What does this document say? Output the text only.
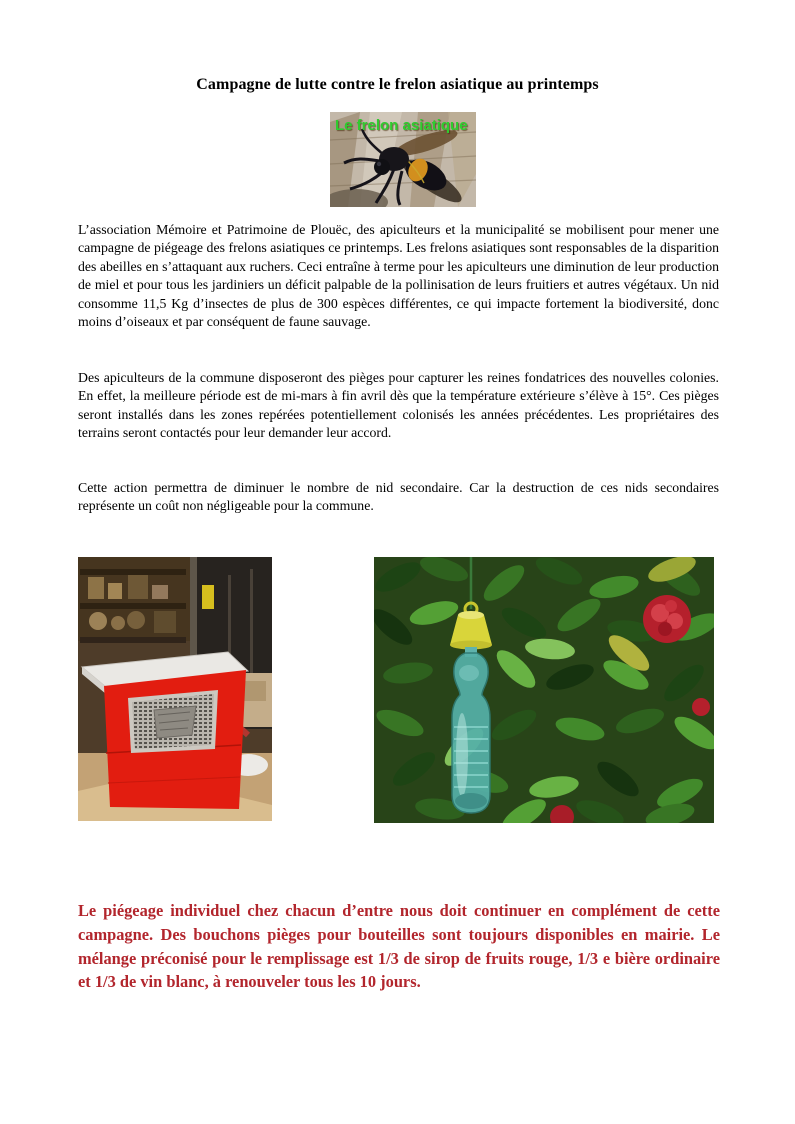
Campagne de lutte contre le frelon asiatique au printemps
Le frelon asiatique

L’association Mémoire et Patrimoine de Plouëc, des apiculteurs et la municipalité se mobilisent pour mener une campagne de piégeage des frelons asiatiques ce printemps. Les frelons asiatiques sont responsables de la disparition des abeilles en s’attaquant aux ruchers. Ceci entraîne à terme pour les apiculteurs une diminution de leur production de miel et pour tous les jardiniers un déficit palpable de la pollinisation de leurs fruitiers et autres végétaux. Un nid consomme 11,5 Kg d’insectes de plus de 300 espèces différentes, ce qui impacte fortement la biodiversité, donc moins d’oiseaux et par conséquent de faune sauvage.

Des apiculteurs de la commune disposeront des pièges pour capturer les reines fondatrices des nouvelles colonies. En effet, la meilleure période est de mi-mars à fin avril dès que la température extérieure s’élève à 15°. Ces pièges seront installés dans les zones repérées potentiellement colonisés les années précédentes. Les propriétaires des terrains seront contactés pour leur demander leur accord.

Cette action permettra de diminuer le nombre de nid secondaire. Car la destruction de ces nids secondaires représente un coût non négligeable pour la commune.

Le piégeage individuel chez chacun d’entre nous doit continuer en complément de cette campagne. Des bouchons pièges pour bouteilles sont toujours disponibles en mairie. Le mélange préconisé pour le remplissage est 1/3 de sirop de fruits rouge, 1/3 e bière ordinaire et 1/3 de vin blanc, à renouveler tous les 10 jours.
